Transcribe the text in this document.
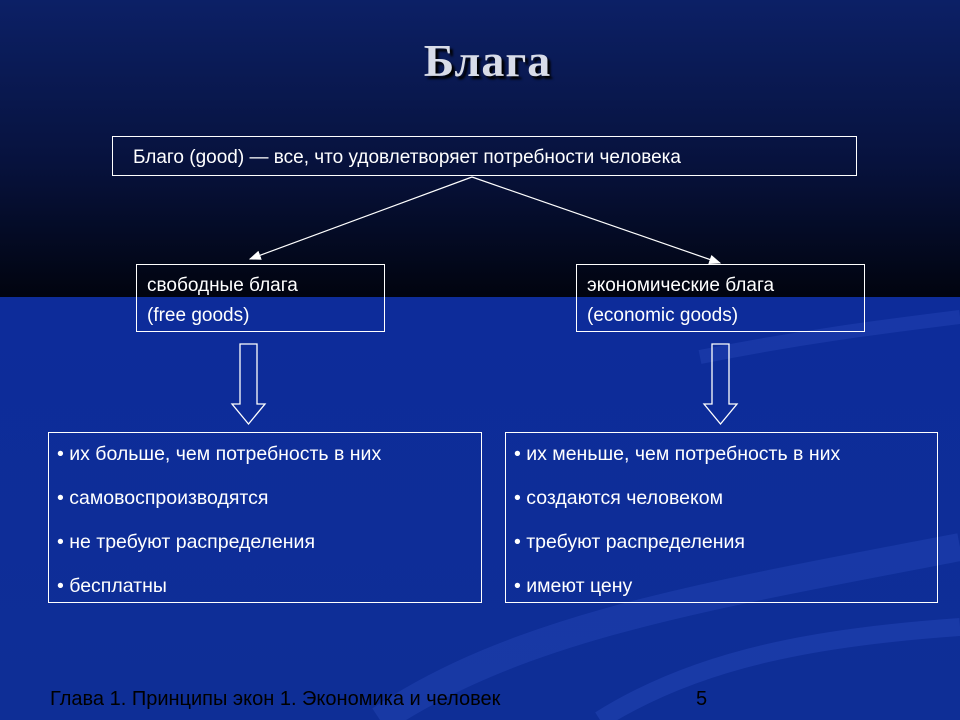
Блага
Благо (good) — все, что удовлетворяет потребности человека
свободные блага
(free goods)
экономические блага
(economic goods)
• их больше, чем потребность в них
• самовоспроизводятся
• не требуют распределения
• бесплатны
• их меньше, чем потребность в них
• создаются человеком
• требуют распределения
• имеют цену
Глава 1. Принципы экон 1. Экономика и человек	5
